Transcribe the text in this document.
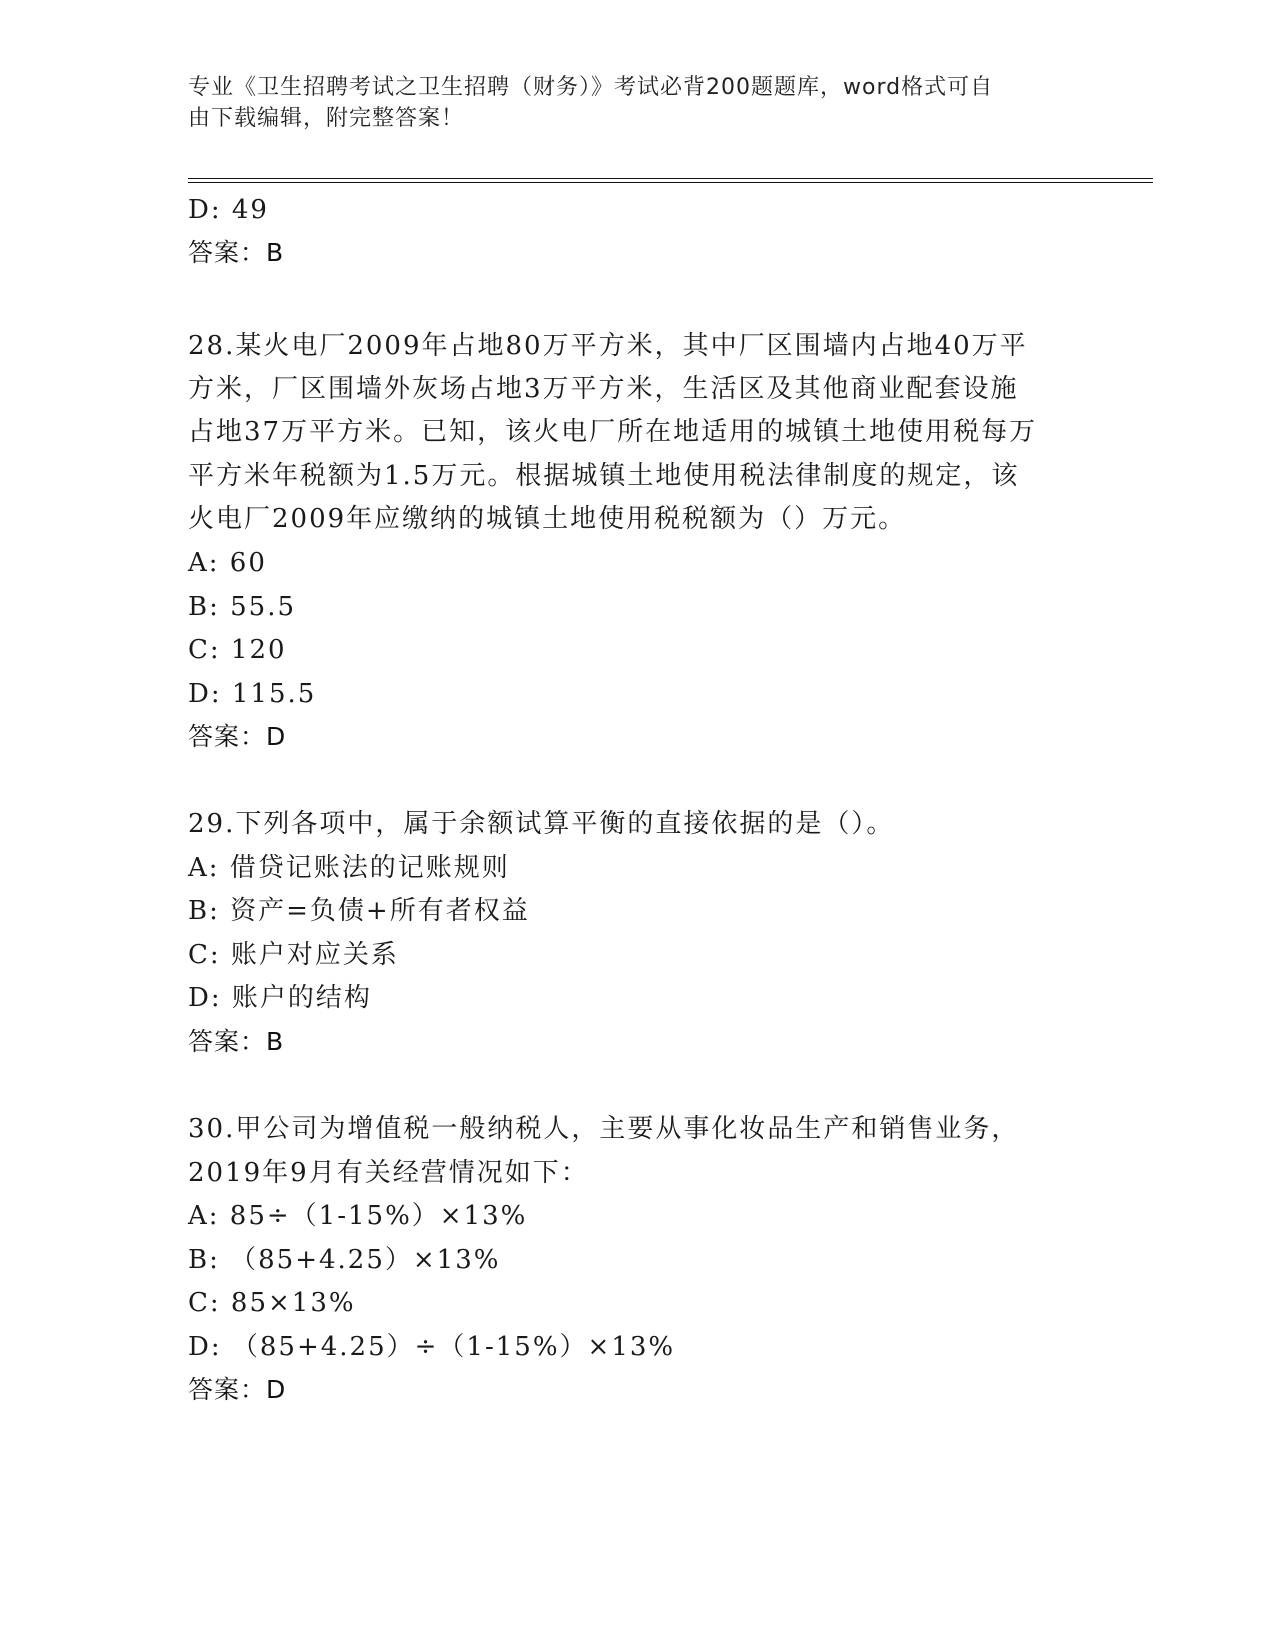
专业《卫生招聘考试之卫生招聘（财务）》考试必背200题题库，word格式可自
由下载编辑，附完整答案！
D: 49
答案：B
28.某火电厂2009年占地80万平方米，其中厂区围墙内占地40万平
方米，厂区围墙外灰场占地3万平方米，生活区及其他商业配套设施
占地37万平方米。已知，该火电厂所在地适用的城镇土地使用税每万
平方米年税额为1.5万元。根据城镇土地使用税法律制度的规定，该
火电厂2009年应缴纳的城镇土地使用税税额为（）万元。
A: 60
B: 55.5
C: 120
D: 115.5
答案：D
29.下列各项中，属于余额试算平衡的直接依据的是（）。
A: 借贷记账法的记账规则
B: 资产=负债+所有者权益
C: 账户对应关系
D: 账户的结构
答案：B
30.甲公司为增值税一般纳税人，主要从事化妆品生产和销售业务，
2019年9月有关经营情况如下：
A: 85÷（1-15%）×13%
B: （85+4.25）×13%
C: 85×13%
D: （85+4.25）÷（1-15%）×13%
答案：D
